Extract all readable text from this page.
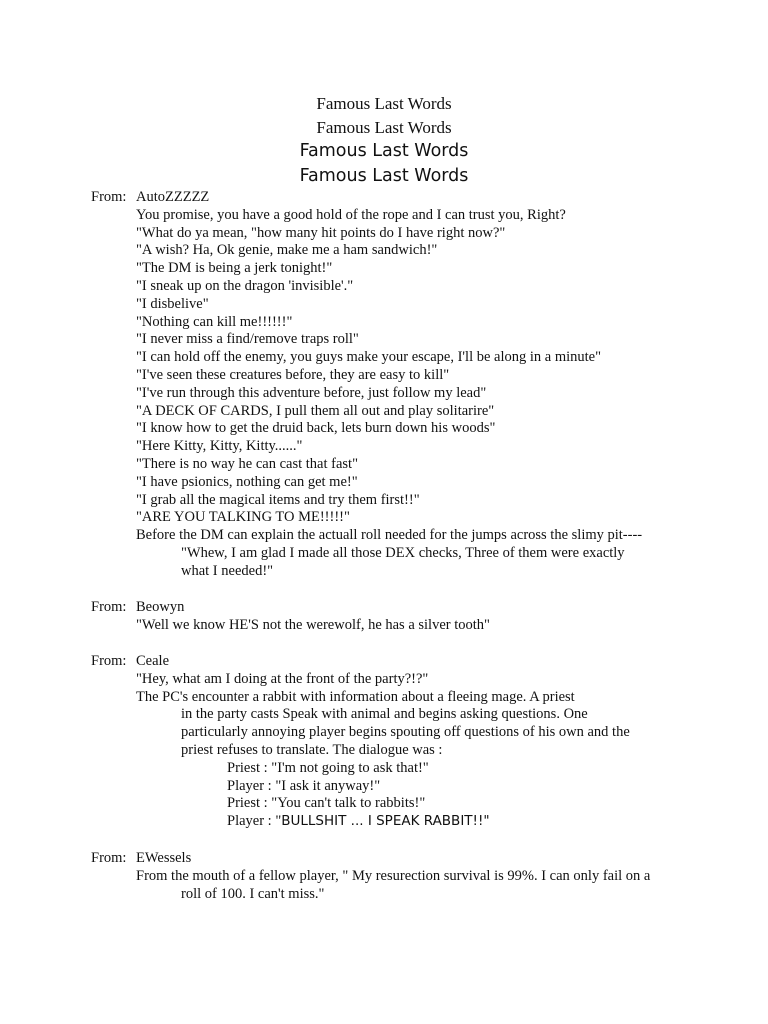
Famous Last Words
Famous Last Words
Famous Last Words
Famous Last Words
From: AutoZZZZZ
You promise, you have a good hold of the rope and I can trust you, Right?
"What do ya mean, "how many hit points do I have right now?"
"A wish? Ha, Ok genie, make me a ham sandwich!"
"The DM is being a jerk tonight!"
"I sneak up on the dragon 'invisible'."
"I disbelive"
"Nothing can kill me!!!!!!"
"I never miss a find/remove traps roll"
"I can hold off the enemy, you guys make your escape, I'll be along in a minute"
"I've seen these creatures before, they are easy to kill"
"I've run through this adventure before, just follow my lead"
"A DECK OF CARDS, I pull them all out and play solitarire"
"I know how to get the druid back, lets burn down his woods"
"Here Kitty, Kitty, Kitty......"
"There is no way he can cast that fast"
"I have psionics, nothing can get me!"
"I grab all the magical items and try them first!!"
"ARE YOU TALKING TO ME!!!!!"
Before the DM can explain the actuall roll needed for the jumps across the slimy pit----
"Whew, I am glad I made all those DEX checks, Three of them were exactly
what I needed!"
From: Beowyn
"Well we know HE'S not the werewolf, he has a silver tooth"
From: Ceale
"Hey, what am I doing at the front of the party?!?"
The PC's encounter a rabbit with information about a fleeing mage. A priest
in the party casts Speak with animal and begins asking questions. One
particularly annoying player begins spouting off questions of his own and the
priest refuses to translate. The dialogue was :
Priest : "I'm not going to ask that!"
Player : "I ask it anyway!"
Priest : "You can't talk to rabbits!"
Player : "BULLSHIT ... I SPEAK RABBIT!!"
From: EWessels
From the mouth of a fellow player, " My resurection survival is 99%. I can only fail on a
roll of 100. I can't miss."
